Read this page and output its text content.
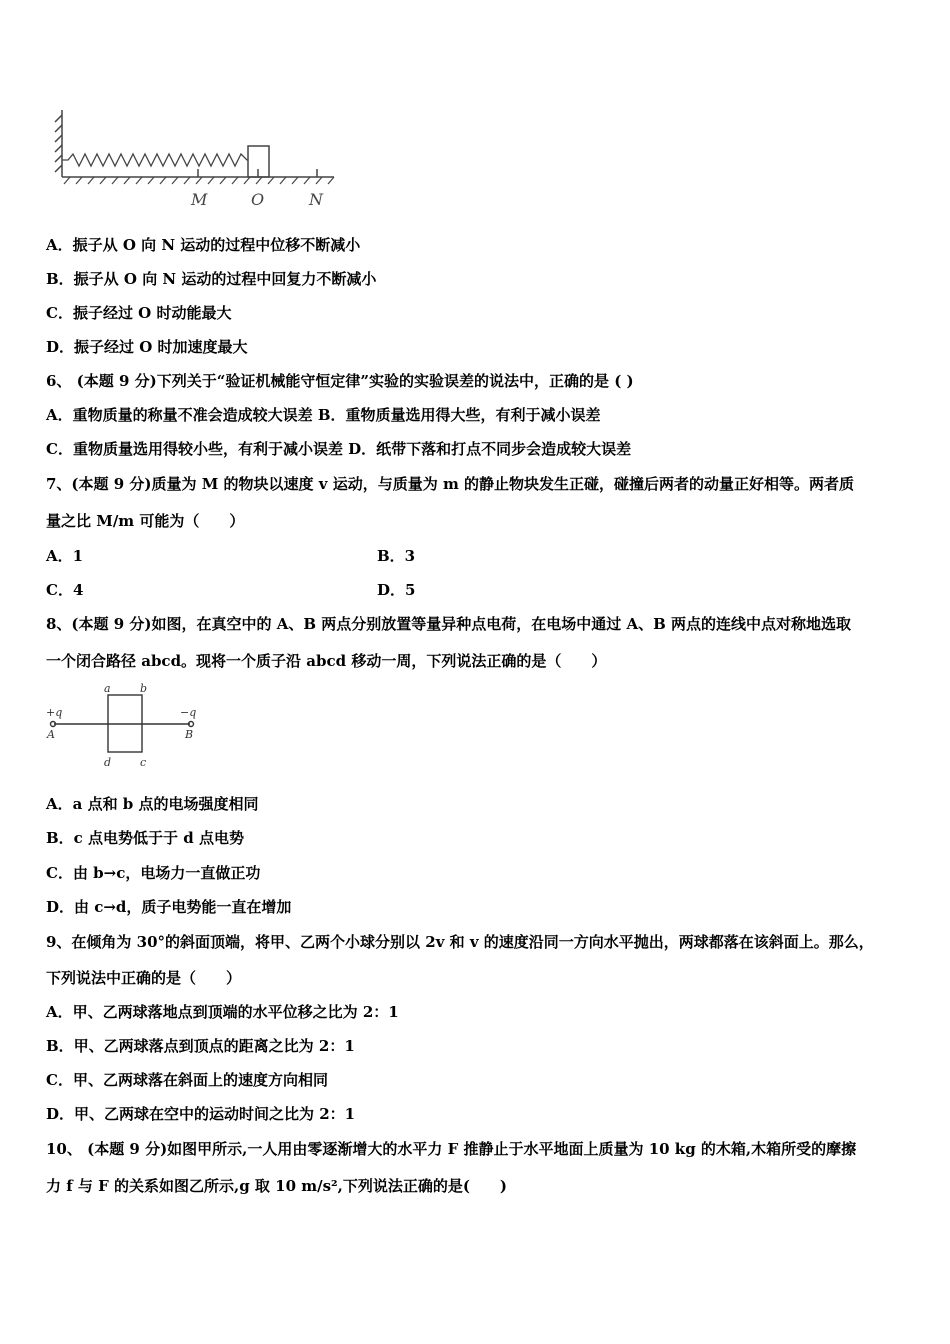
M	O	N
A．振子从 O 向 N 运动的过程中位移不断减小
B．振子从 O 向 N 运动的过程中回复力不断减小
C．振子经过 O 时动能最大
D．振子经过 O 时加速度最大
6、 (本题 9 分)下列关于“验证机械能守恒定律”实验的实验误差的说法中，正确的是 ( )
A．重物质量的称量不准会造成较大误差 B．重物质量选用得大些，有利于减小误差
C．重物质量选用得较小些，有利于减小误差 D．纸带下落和打点不同步会造成较大误差
7、(本题 9 分)质量为 M 的物块以速度 v 运动，与质量为 m 的静止物块发生正碰，碰撞后两者的动量正好相等。两者质
量之比 M/m 可能为（　　）
A．1	B．3
C．4	D．5
8、(本题 9 分)如图，在真空中的 A、B 两点分别放置等量异种点电荷，在电场中通过 A、B 两点的连线中点对称地选取
一个闭合路径 abcd。现将一个质子沿 abcd 移动一周，下列说法正确的是（　　）
a	b
d	c
+q	−q
A	B
A．a 点和 b 点的电场强度相同
B．c 点电势低于于 d 点电势
C．由 b→c，电场力一直做正功
D．由 c→d，质子电势能一直在增加
9、在倾角为 30°的斜面顶端，将甲、乙两个小球分别以 2v 和 v 的速度沿同一方向水平抛出，两球都落在该斜面上。那么，
下列说法中正确的是（　　）
A．甲、乙两球落地点到顶端的水平位移之比为 2：1
B．甲、乙两球落点到顶点的距离之比为 2：1
C．甲、乙两球落在斜面上的速度方向相同
D．甲、乙两球在空中的运动时间之比为 2：1
10、 (本题 9 分)如图甲所示,一人用由零逐渐增大的水平力 F 推静止于水平地面上质量为 10 kg 的木箱,木箱所受的摩擦
力 f 与 F 的关系如图乙所示,g 取 10 m/s²,下列说法正确的是(　　)
